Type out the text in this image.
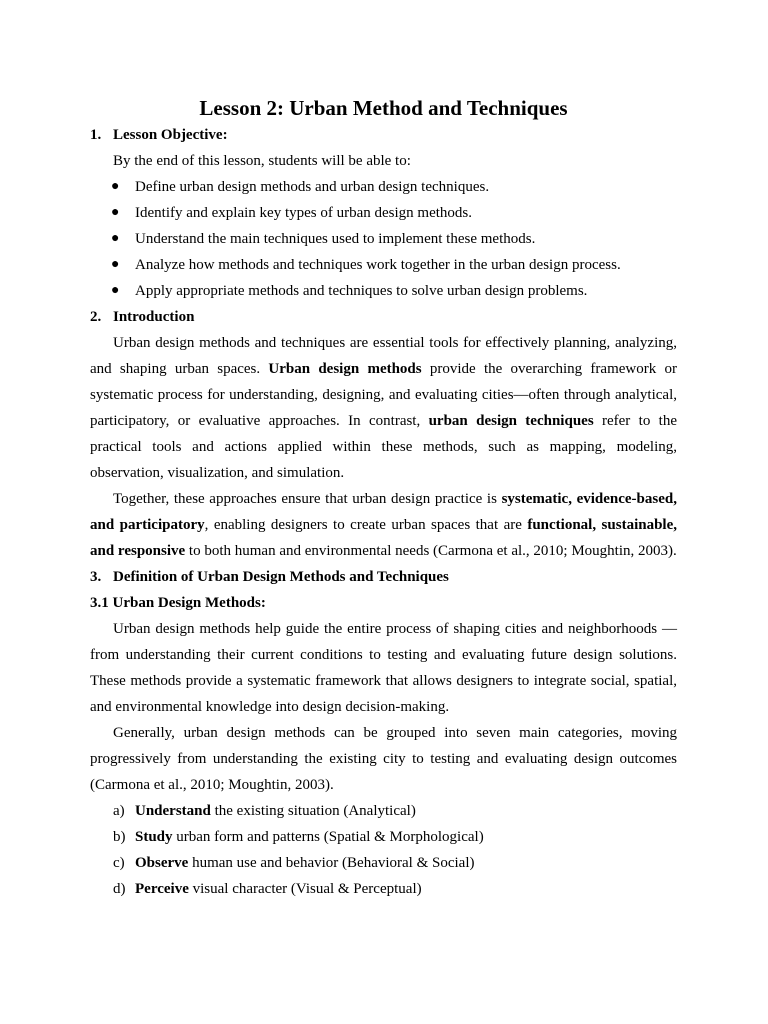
Lesson 2: Urban Method and Techniques
1. Lesson Objective:
By the end of this lesson, students will be able to:
● Define urban design methods and urban design techniques.
● Identify and explain key types of urban design methods.
● Understand the main techniques used to implement these methods.
● Analyze how methods and techniques work together in the urban design process.
● Apply appropriate methods and techniques to solve urban design problems.
2. Introduction
Urban design methods and techniques are essential tools for effectively planning, analyzing, and shaping urban spaces. Urban design methods provide the overarching framework or systematic process for understanding, designing, and evaluating cities—often through analytical, participatory, or evaluative approaches. In contrast, urban design techniques refer to the practical tools and actions applied within these methods, such as mapping, modeling, observation, visualization, and simulation.
Together, these approaches ensure that urban design practice is systematic, evidence-based, and participatory, enabling designers to create urban spaces that are functional, sustainable, and responsive to both human and environmental needs (Carmona et al., 2010; Moughtin, 2003).
3. Definition of Urban Design Methods and Techniques
3.1 Urban Design Methods:
Urban design methods help guide the entire process of shaping cities and neighborhoods — from understanding their current conditions to testing and evaluating future design solutions. These methods provide a systematic framework that allows designers to integrate social, spatial, and environmental knowledge into design decision-making.
Generally, urban design methods can be grouped into seven main categories, moving progressively from understanding the existing city to testing and evaluating design outcomes (Carmona et al., 2010; Moughtin, 2003).
a) Understand the existing situation (Analytical)
b) Study urban form and patterns (Spatial & Morphological)
c) Observe human use and behavior (Behavioral & Social)
d) Perceive visual character (Visual & Perceptual)
